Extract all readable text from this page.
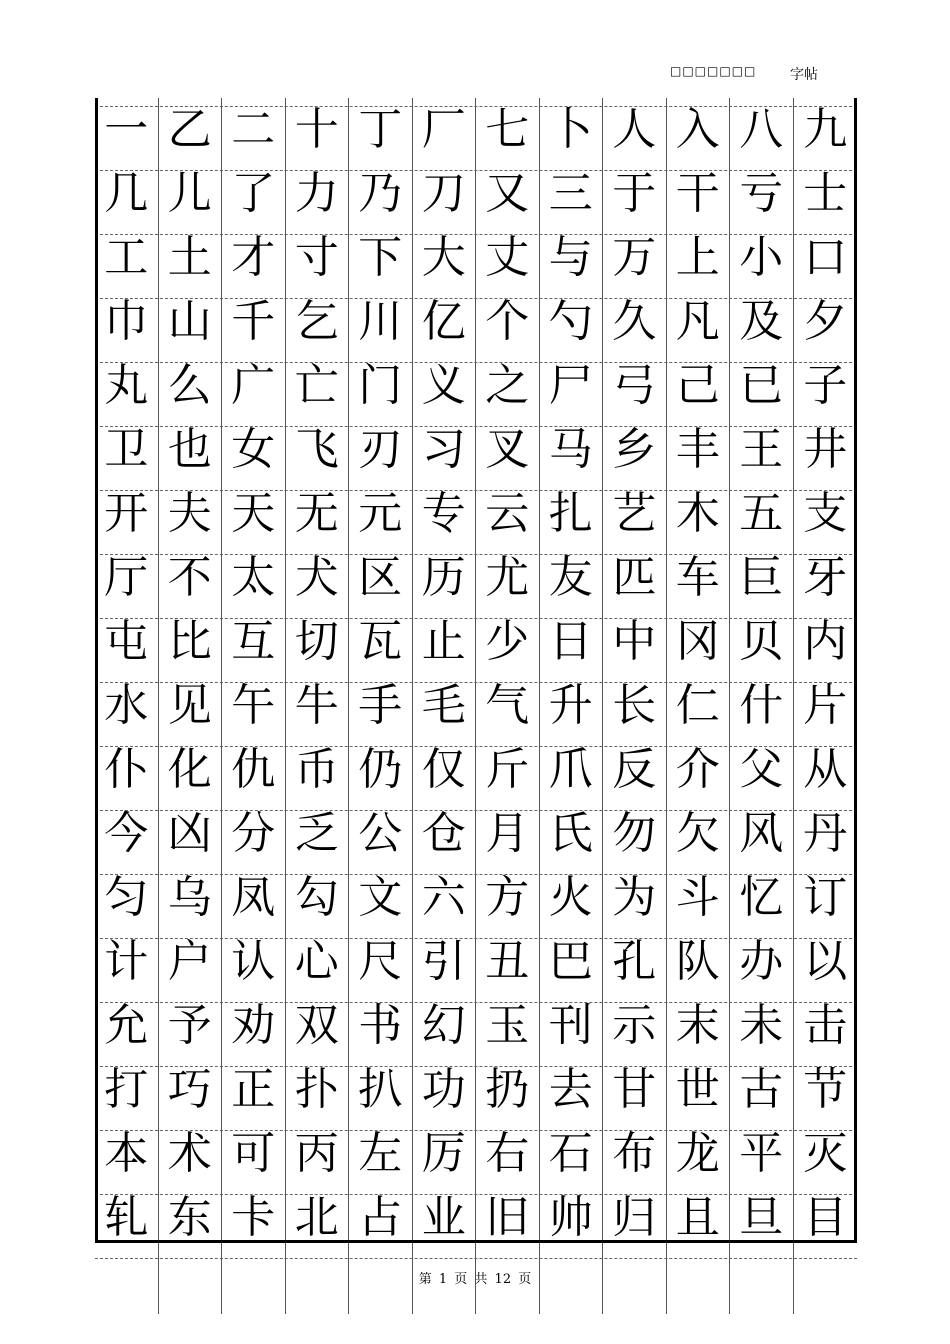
□□□□□□□ 字帖
一 乙 二 十 丁 厂 七 卜 人 入 八 九
几 儿 了 力 乃 刀 又 三 于 干 亏 士
工 土 才 寸 下 大 丈 与 万 上 小 口
巾 山 千 乞 川 亿 个 勺 久 凡 及 夕
丸 么 广 亡 门 义 之 尸 弓 己 已 子
卫 也 女 飞 刃 习 叉 马 乡 丰 王 井
开 夫 天 无 元 专 云 扎 艺 木 五 支
厅 不 太 犬 区 历 尤 友 匹 车 巨 牙
屯 比 互 切 瓦 止 少 日 中 冈 贝 内
水 见 午 牛 手 毛 气 升 长 仁 什 片
仆 化 仇 币 仍 仅 斤 爪 反 介 父 从
今 凶 分 乏 公 仓 月 氏 勿 欠 风 丹
匀 乌 凤 勾 文 六 方 火 为 斗 忆 订
计 户 认 心 尺 引 丑 巴 孔 队 办 以
允 予 劝 双 书 幻 玉 刊 示 末 未 击
打 巧 正 扑 扒 功 扔 去 甘 世 古 节
本 术 可 丙 左 厉 右 石 布 龙 平 灭
轧 东 卡 北 占 业 旧 帅 归 且 旦 目
第 1 页 共 12 页
